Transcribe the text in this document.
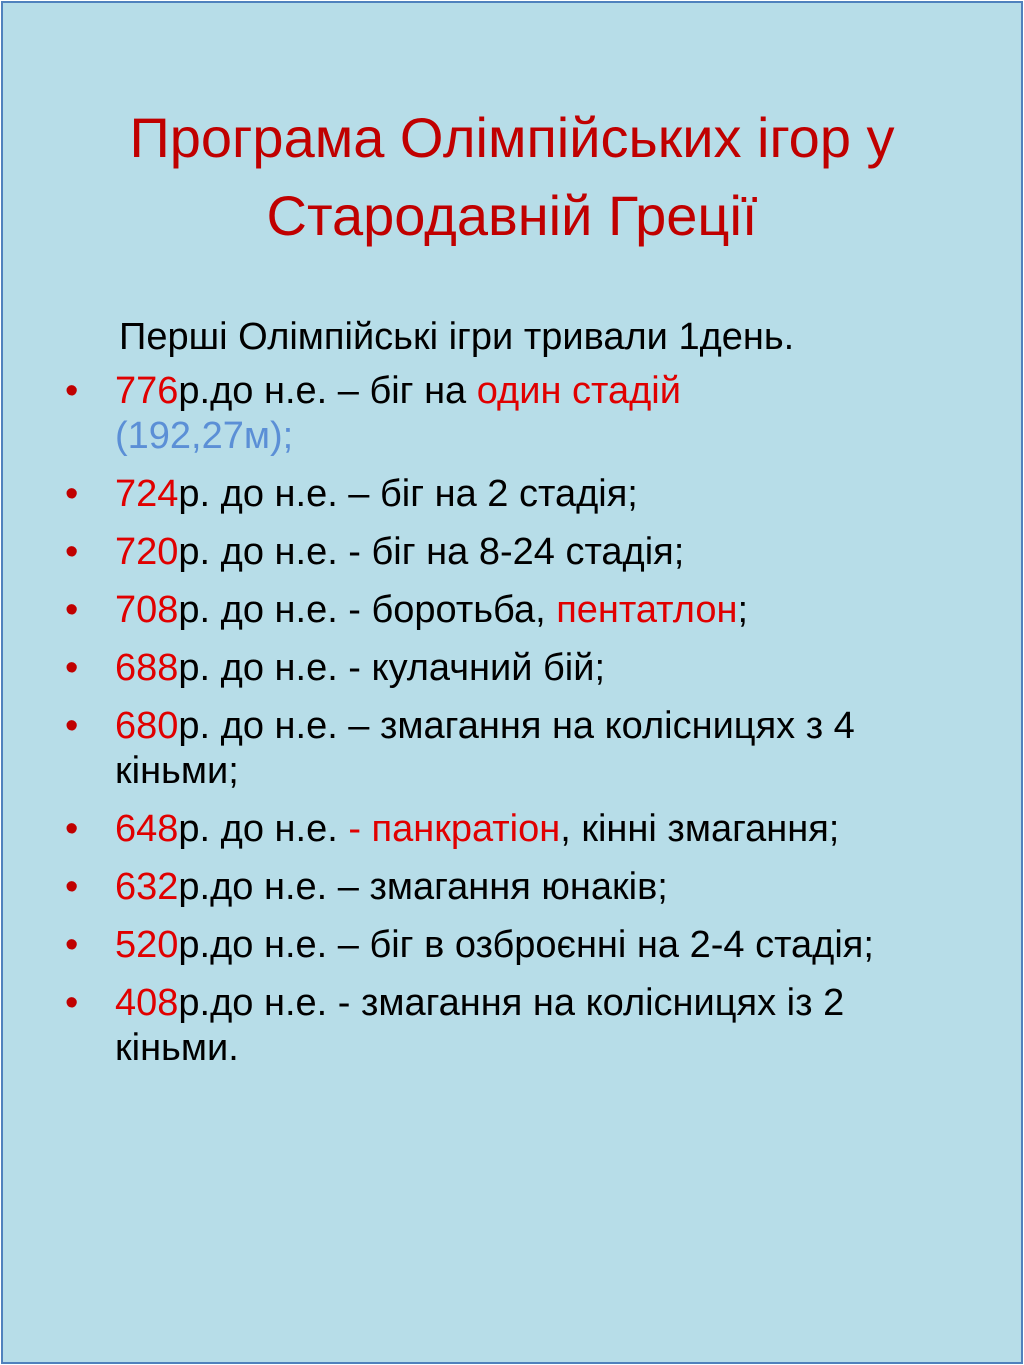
Програма Олімпійських ігор у Стародавній Греції
Перші Олімпійські ігри тривали 1день.
• 776р.до н.е. – біг на один стадій
(192,27м);
• 724р. до н.е. – біг на 2 стадія;
• 720р. до н.е. - біг на 8-24 стадія;
• 708р. до н.е. - боротьба, пентатлон;
• 688р. до н.е. - кулачний бій;
• 680р. до н.е. – змагання на колісницях з 4 кіньми;
• 648р. до н.е. - панкратіон, кінні змагання;
• 632р.до н.е. – змагання юнаків;
• 520р.до н.е. – біг в озброєнні на 2-4 стадія;
• 408р.до н.е. - змагання на колісницях із 2 кіньми.
